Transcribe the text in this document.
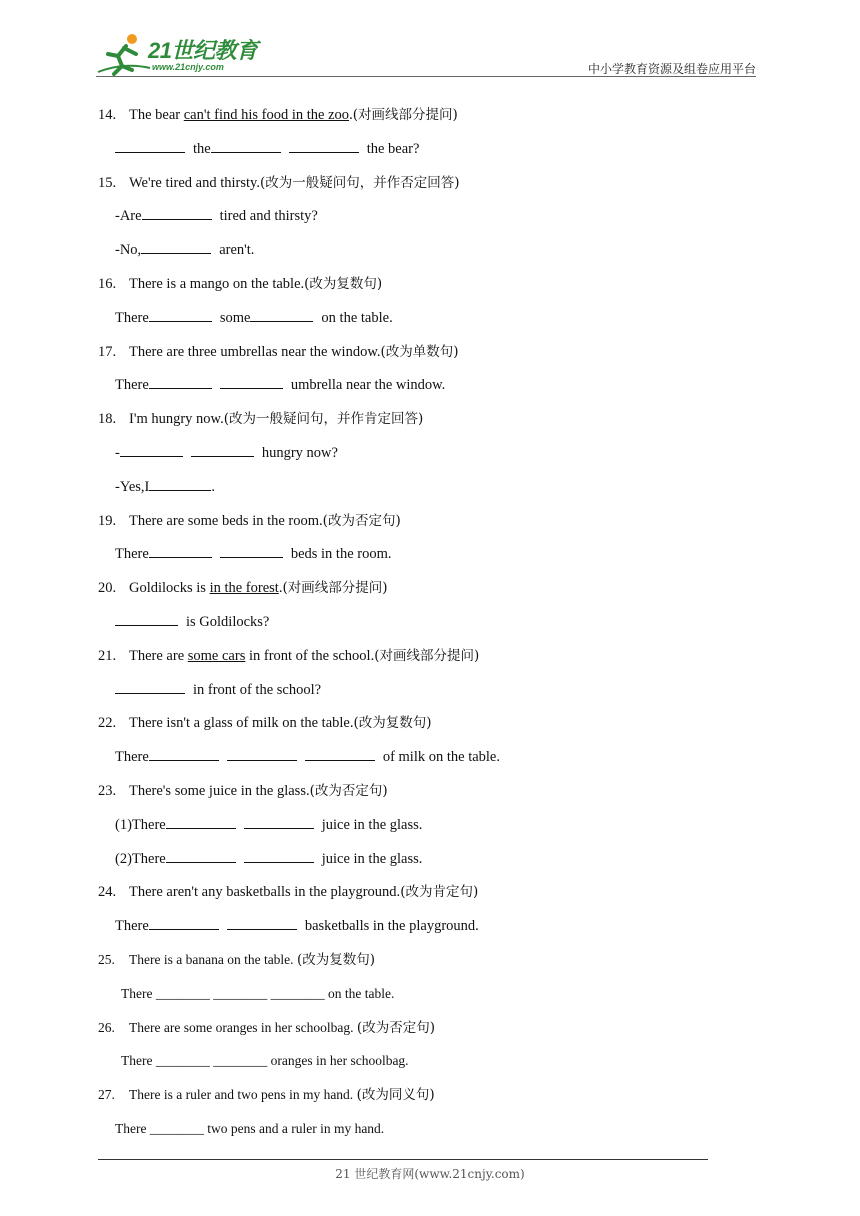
21世纪教育
www.21cnjy.com	中小学教育资源及组卷应用平台
14. The bear can't find his food in the zoo.(对画线部分提问)
the	the bear?
15. We're tired and thirsty.(改为一般疑问句，并作否定回答)
-Are	tired and thirsty?
-No,	aren't.
16. There is a mango on the table.(改为复数句)
There	some	on the table.
17. There are three umbrellas near the window.(改为单数句)
There	umbrella near the window.
18. I'm hungry now.(改为一般疑问句，并作肯定回答)
-	hungry now?
-Yes,I	.
19. There are some beds in the room.(改为否定句)
There	beds in the room.
20. Goldilocks is in the forest.(对画线部分提问)
is Goldilocks?
21. There are some cars in front of the school.(对画线部分提问)
in front of the school?
22. There isn't a glass of milk on the table.(改为复数句)
There	of milk on the table.
23. There's some juice in the glass.(改为否定句)
(1)There	juice in the glass.
(2)There	juice in the glass.
24. There aren't any basketballs in the playground.(改为肯定句)
There	basketballs in the playground.
25. There is a banana on the table. (改为复数句)
There ________ ________ ________ on the table.
26. There are some oranges in her schoolbag. (改为否定句)
There ________ ________ oranges in her schoolbag.
27. There is a ruler and two pens in my hand. (改为同义句)
There ________ two pens and a ruler in my hand.
21 世纪教育网(www.21cnjy.com)
